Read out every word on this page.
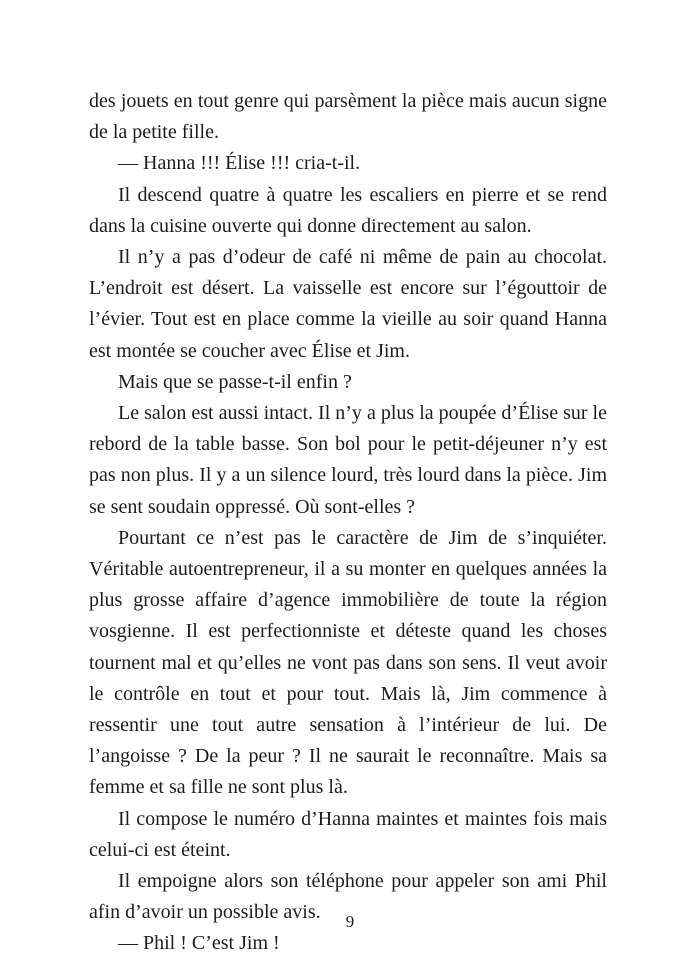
des jouets en tout genre qui parsèment la pièce mais aucun signe de la petite fille.

— Hanna !!! Élise !!! cria-t-il.

Il descend quatre à quatre les escaliers en pierre et se rend dans la cuisine ouverte qui donne directement au salon.

Il n’y a pas d’odeur de café ni même de pain au chocolat. L’endroit est désert. La vaisselle est encore sur l’égouttoir de l’évier. Tout est en place comme la vieille au soir quand Hanna est montée se coucher avec Élise et Jim.

Mais que se passe-t-il enfin ?

Le salon est aussi intact. Il n’y a plus la poupée d’Élise sur le rebord de la table basse. Son bol pour le petit-déjeuner n’y est pas non plus. Il y a un silence lourd, très lourd dans la pièce. Jim se sent soudain oppressé. Où sont-elles ?

Pourtant ce n’est pas le caractère de Jim de s’inquiéter. Véritable autoentrepreneur, il a su monter en quelques années la plus grosse affaire d’agence immobilière de toute la région vosgienne. Il est perfectionniste et déteste quand les choses tournent mal et qu’elles ne vont pas dans son sens. Il veut avoir le contrôle en tout et pour tout. Mais là, Jim commence à ressentir une tout autre sensation à l’intérieur de lui. De l’angoisse ? De la peur ? Il ne saurait le reconnaître. Mais sa femme et sa fille ne sont plus là.

Il compose le numéro d’Hanna maintes et maintes fois mais celui-ci est éteint.

Il empoigne alors son téléphone pour appeler son ami Phil afin d’avoir un possible avis.

— Phil ! C’est Jim !

9
